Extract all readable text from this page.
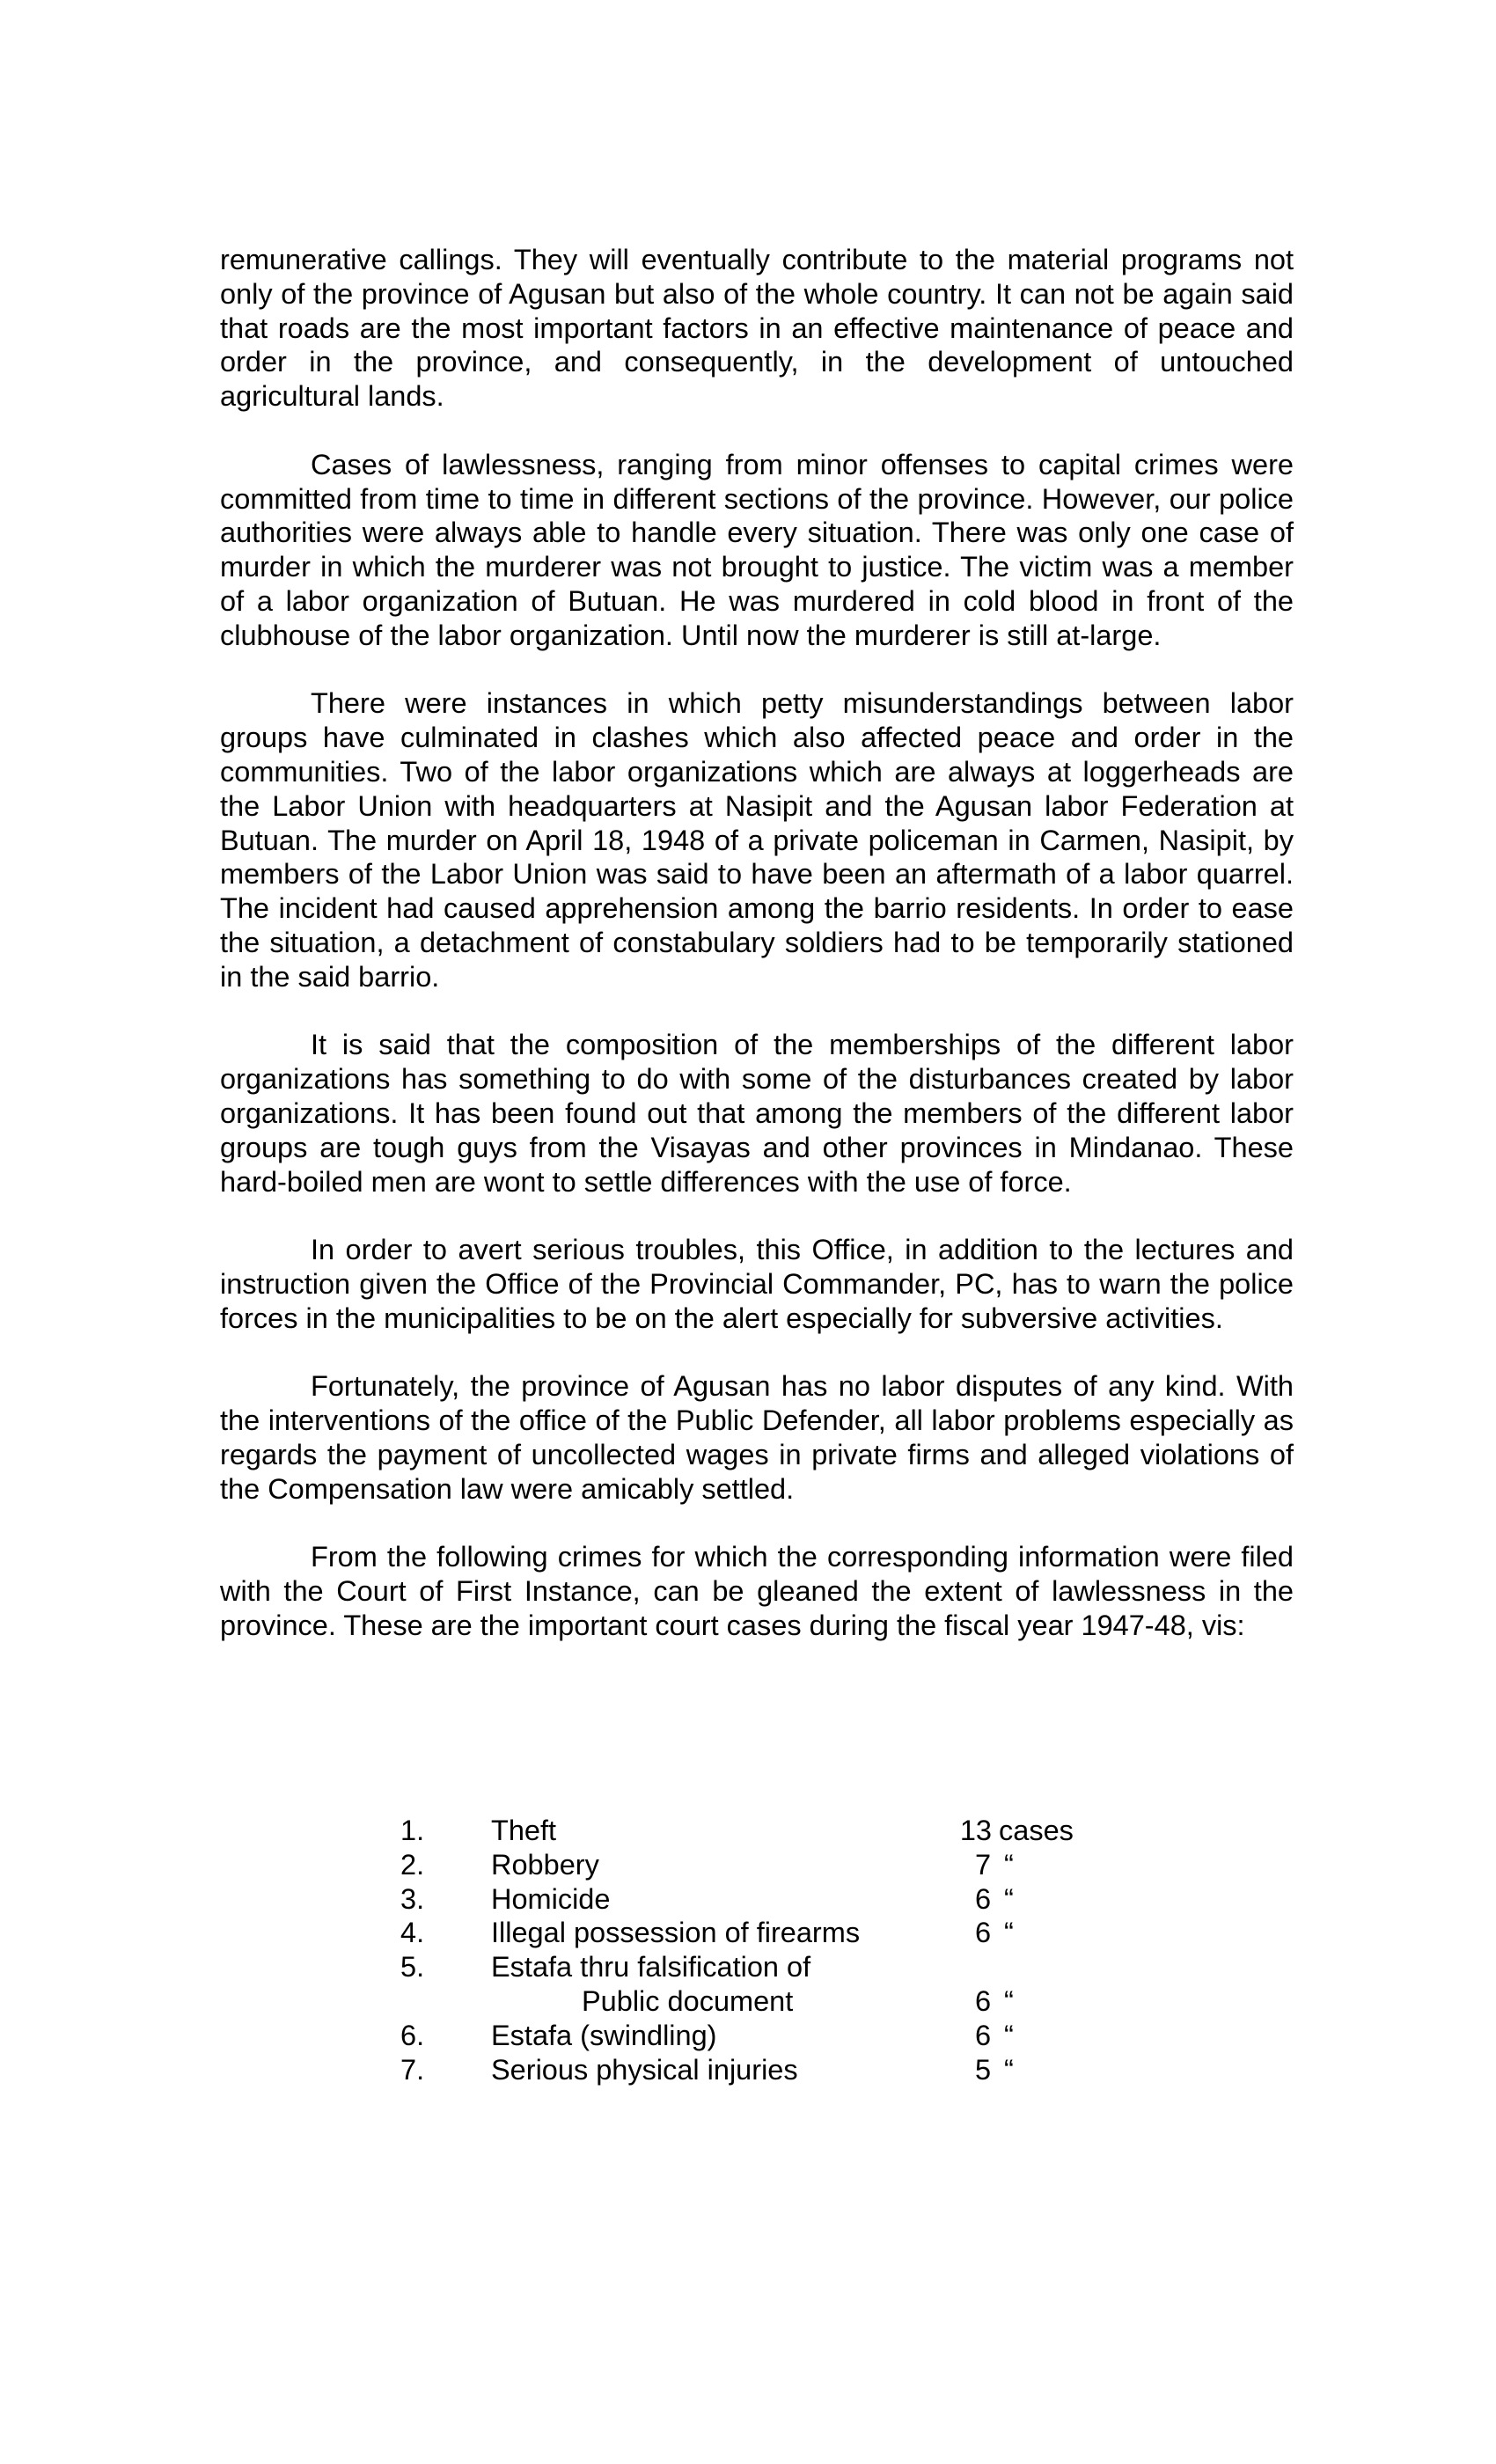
remunerative callings. They will eventually contribute to the material programs not only of the province of Agusan but also of the whole country. It can not be again said that roads are the most important factors in an effective maintenance of peace and order in the province, and consequently, in the development of untouched agricultural lands.

Cases of lawlessness, ranging from minor offenses to capital crimes were committed from time to time in different sections of the province. However, our police authorities were always able to handle every situation. There was only one case of murder in which the murderer was not brought to justice. The victim was a member of a labor organization of Butuan. He was murdered in cold blood in front of the clubhouse of the labor organization. Until now the murderer is still at-large.

There were instances in which petty misunderstandings between labor groups have culminated in clashes which also affected peace and order in the communities. Two of the labor organizations which are always at loggerheads are the Labor Union with headquarters at Nasipit and the Agusan labor Federation at Butuan. The murder on April 18, 1948 of a private policeman in Carmen, Nasipit, by members of the Labor Union was said to have been an aftermath of a labor quarrel. The incident had caused apprehension among the barrio residents. In order to ease the situation, a detachment of constabulary soldiers had to be temporarily stationed in the said barrio.

It is said that the composition of the memberships of the different labor organizations has something to do with some of the disturbances created by labor organizations. It has been found out that among the members of the different labor groups are tough guys from the Visayas and other provinces in Mindanao. These hard-boiled men are wont to settle differences with the use of force.

In order to avert serious troubles, this Office, in addition to the lectures and instruction given the Office of the Provincial Commander, PC, has to warn the police forces in the municipalities to be on the alert especially for subversive activities.

Fortunately, the province of Agusan has no labor disputes of any kind. With the interventions of the office of the Public Defender, all labor problems especially as regards the payment of uncollected wages in private firms and alleged violations of the Compensation law were amicably settled.

From the following crimes for which the corresponding information were filed with the Court of First Instance, can be gleaned the extent of lawlessness in the province. These are the important court cases during the fiscal year 1947-48, vis:

1.	Theft	13 cases
2.	Robbery	7 “
3.	Homicide	6 “
4.	Illegal possession of firearms	6 “
5.	Estafa thru falsification of
Public document	6 “
6.	Estafa (swindling)	6 “
7.	Serious physical injuries	5 “
